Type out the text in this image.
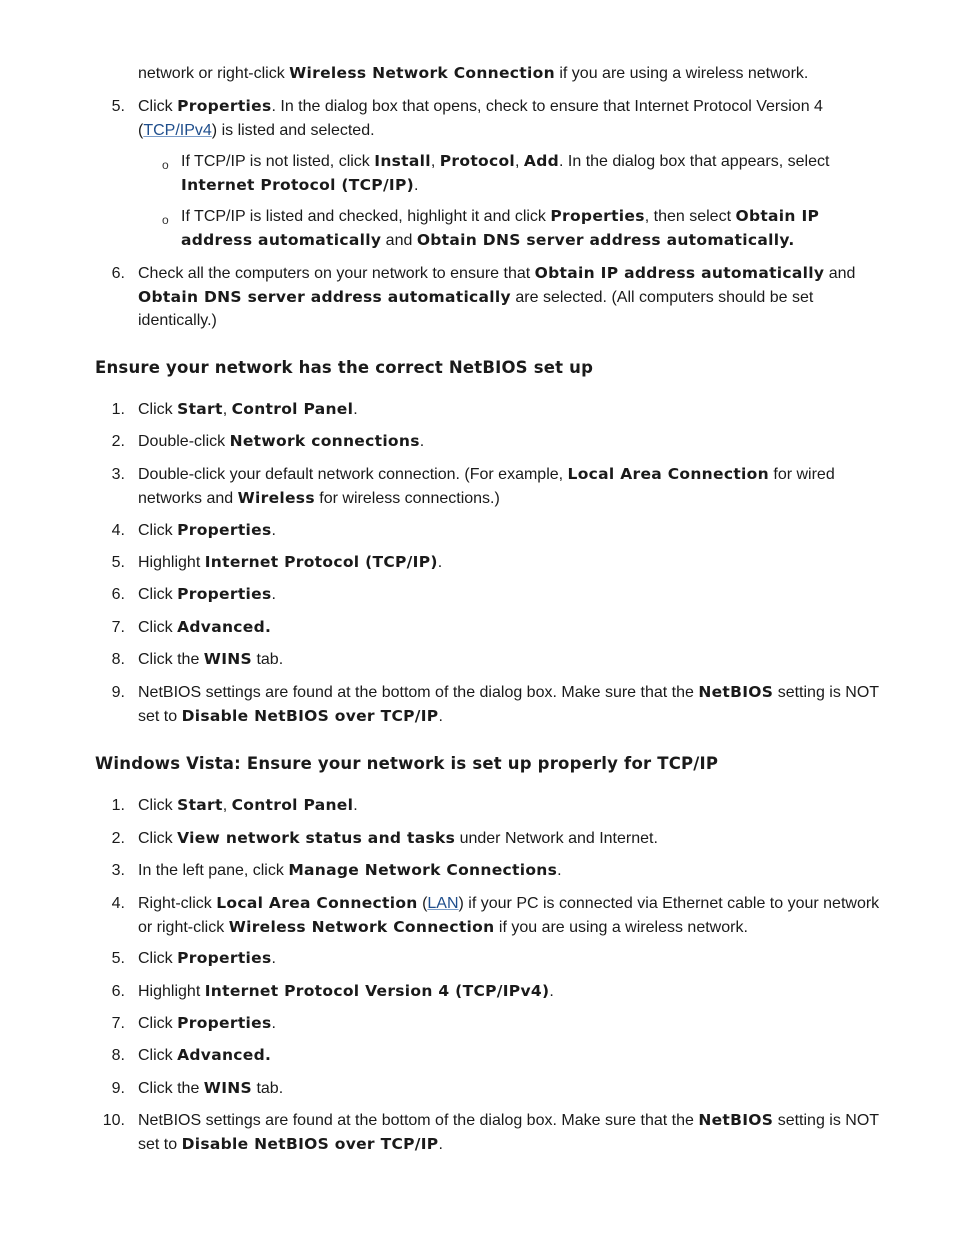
network or right-click Wireless Network Connection if you are using a wireless network.
5. Click Properties. In the dialog box that opens, check to ensure that Internet Protocol Version 4 (TCP/IPv4) is listed and selected.
o If TCP/IP is not listed, click Install, Protocol, Add. In the dialog box that appears, select Internet Protocol (TCP/IP).
o If TCP/IP is listed and checked, highlight it and click Properties, then select Obtain IP address automatically and Obtain DNS server address automatically.
6. Check all the computers on your network to ensure that Obtain IP address automatically and Obtain DNS server address automatically are selected. (All computers should be set identically.)
Ensure your network has the correct NetBIOS set up
1. Click Start, Control Panel.
2. Double-click Network connections.
3. Double-click your default network connection. (For example, Local Area Connection for wired networks and Wireless for wireless connections.)
4. Click Properties.
5. Highlight Internet Protocol (TCP/IP).
6. Click Properties.
7. Click Advanced.
8. Click the WINS tab.
9. NetBIOS settings are found at the bottom of the dialog box. Make sure that the NetBIOS setting is NOT set to Disable NetBIOS over TCP/IP.
Windows Vista: Ensure your network is set up properly for TCP/IP
1. Click Start, Control Panel.
2. Click View network status and tasks under Network and Internet.
3. In the left pane, click Manage Network Connections.
4. Right-click Local Area Connection (LAN) if your PC is connected via Ethernet cable to your network or right-click Wireless Network Connection if you are using a wireless network.
5. Click Properties.
6. Highlight Internet Protocol Version 4 (TCP/IPv4).
7. Click Properties.
8. Click Advanced.
9. Click the WINS tab.
10. NetBIOS settings are found at the bottom of the dialog box. Make sure that the NetBIOS setting is NOT set to Disable NetBIOS over TCP/IP.
